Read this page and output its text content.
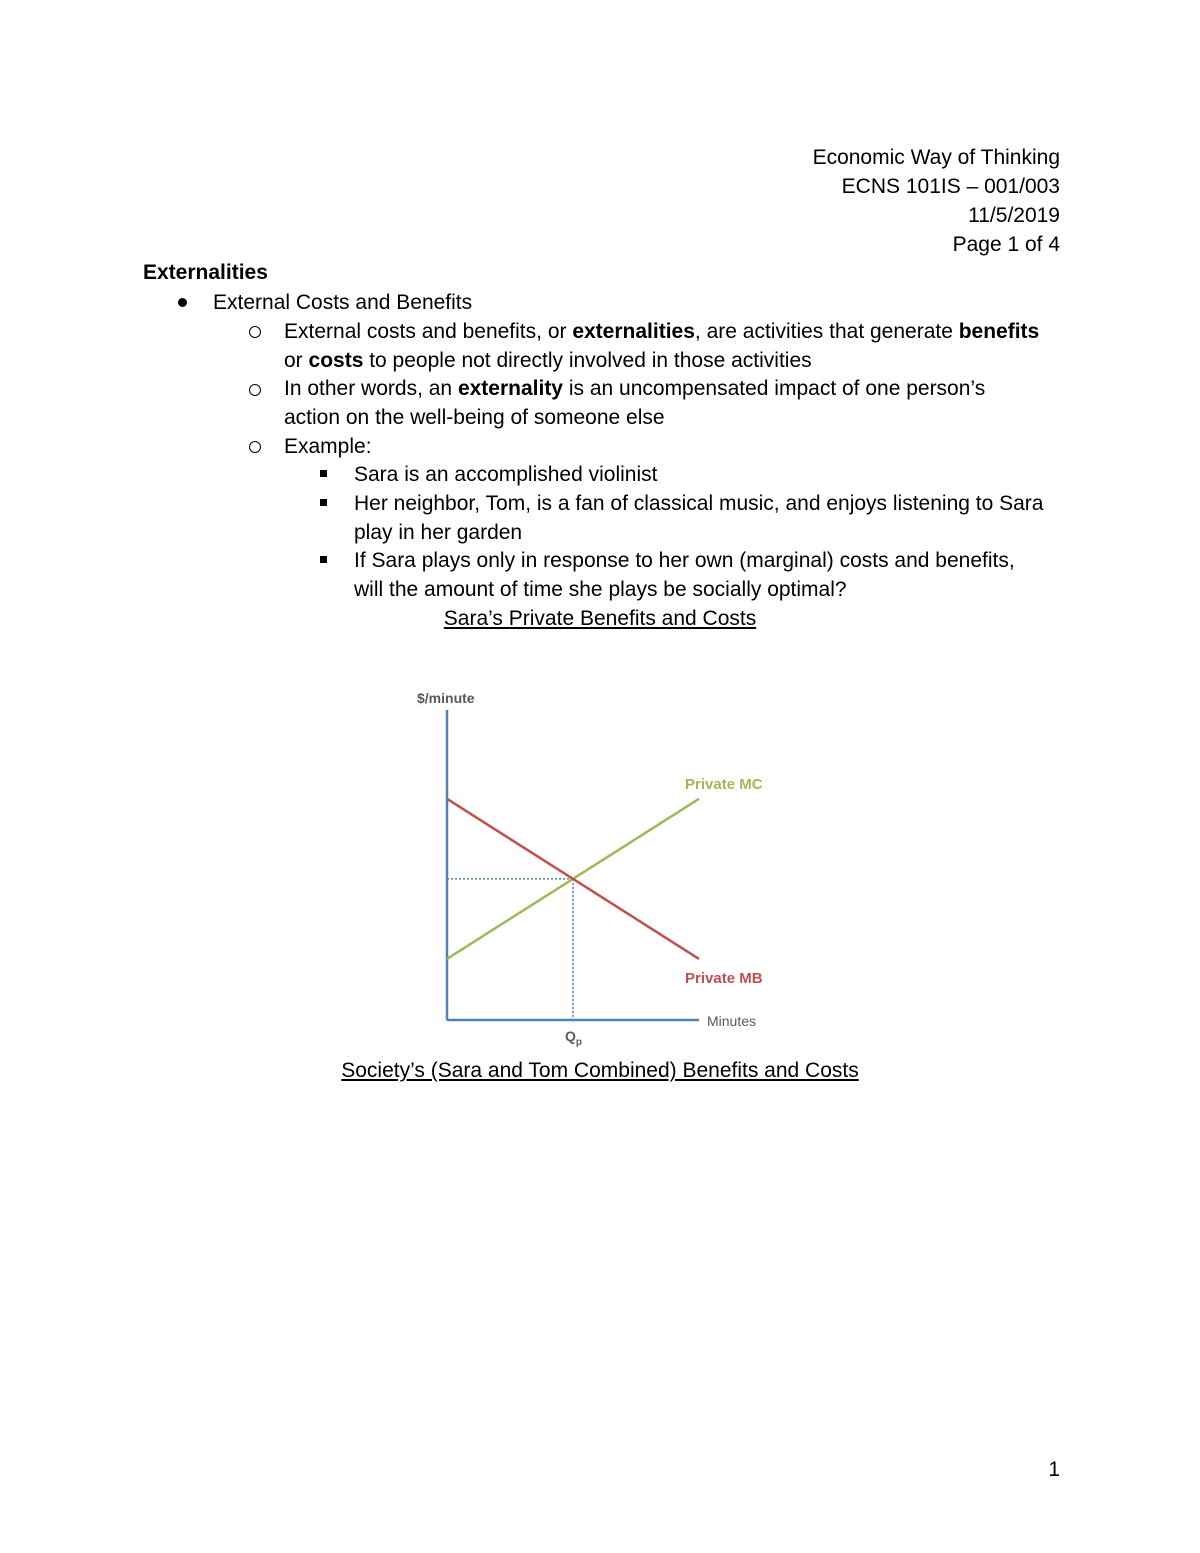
Economic Way of Thinking
ECNS 101IS – 001/003
11/5/2019
Page 1 of 4
Externalities
External Costs and Benefits
External costs and benefits, or externalities, are activities that generate benefits
or costs to people not directly involved in those activities
In other words, an externality is an uncompensated impact of one person’s
action on the well-being of someone else
Example:
Sara is an accomplished violinist
Her neighbor, Tom, is a fan of classical music, and enjoys listening to Sara
play in her garden
If Sara plays only in response to her own (marginal) costs and benefits,
will the amount of time she plays be socially optimal?
Sara’s Private Benefits and Costs
$/minute
Private MC
Private MB
Minutes
$Q_p$
Society’s (Sara and Tom Combined) Benefits and Costs
1
